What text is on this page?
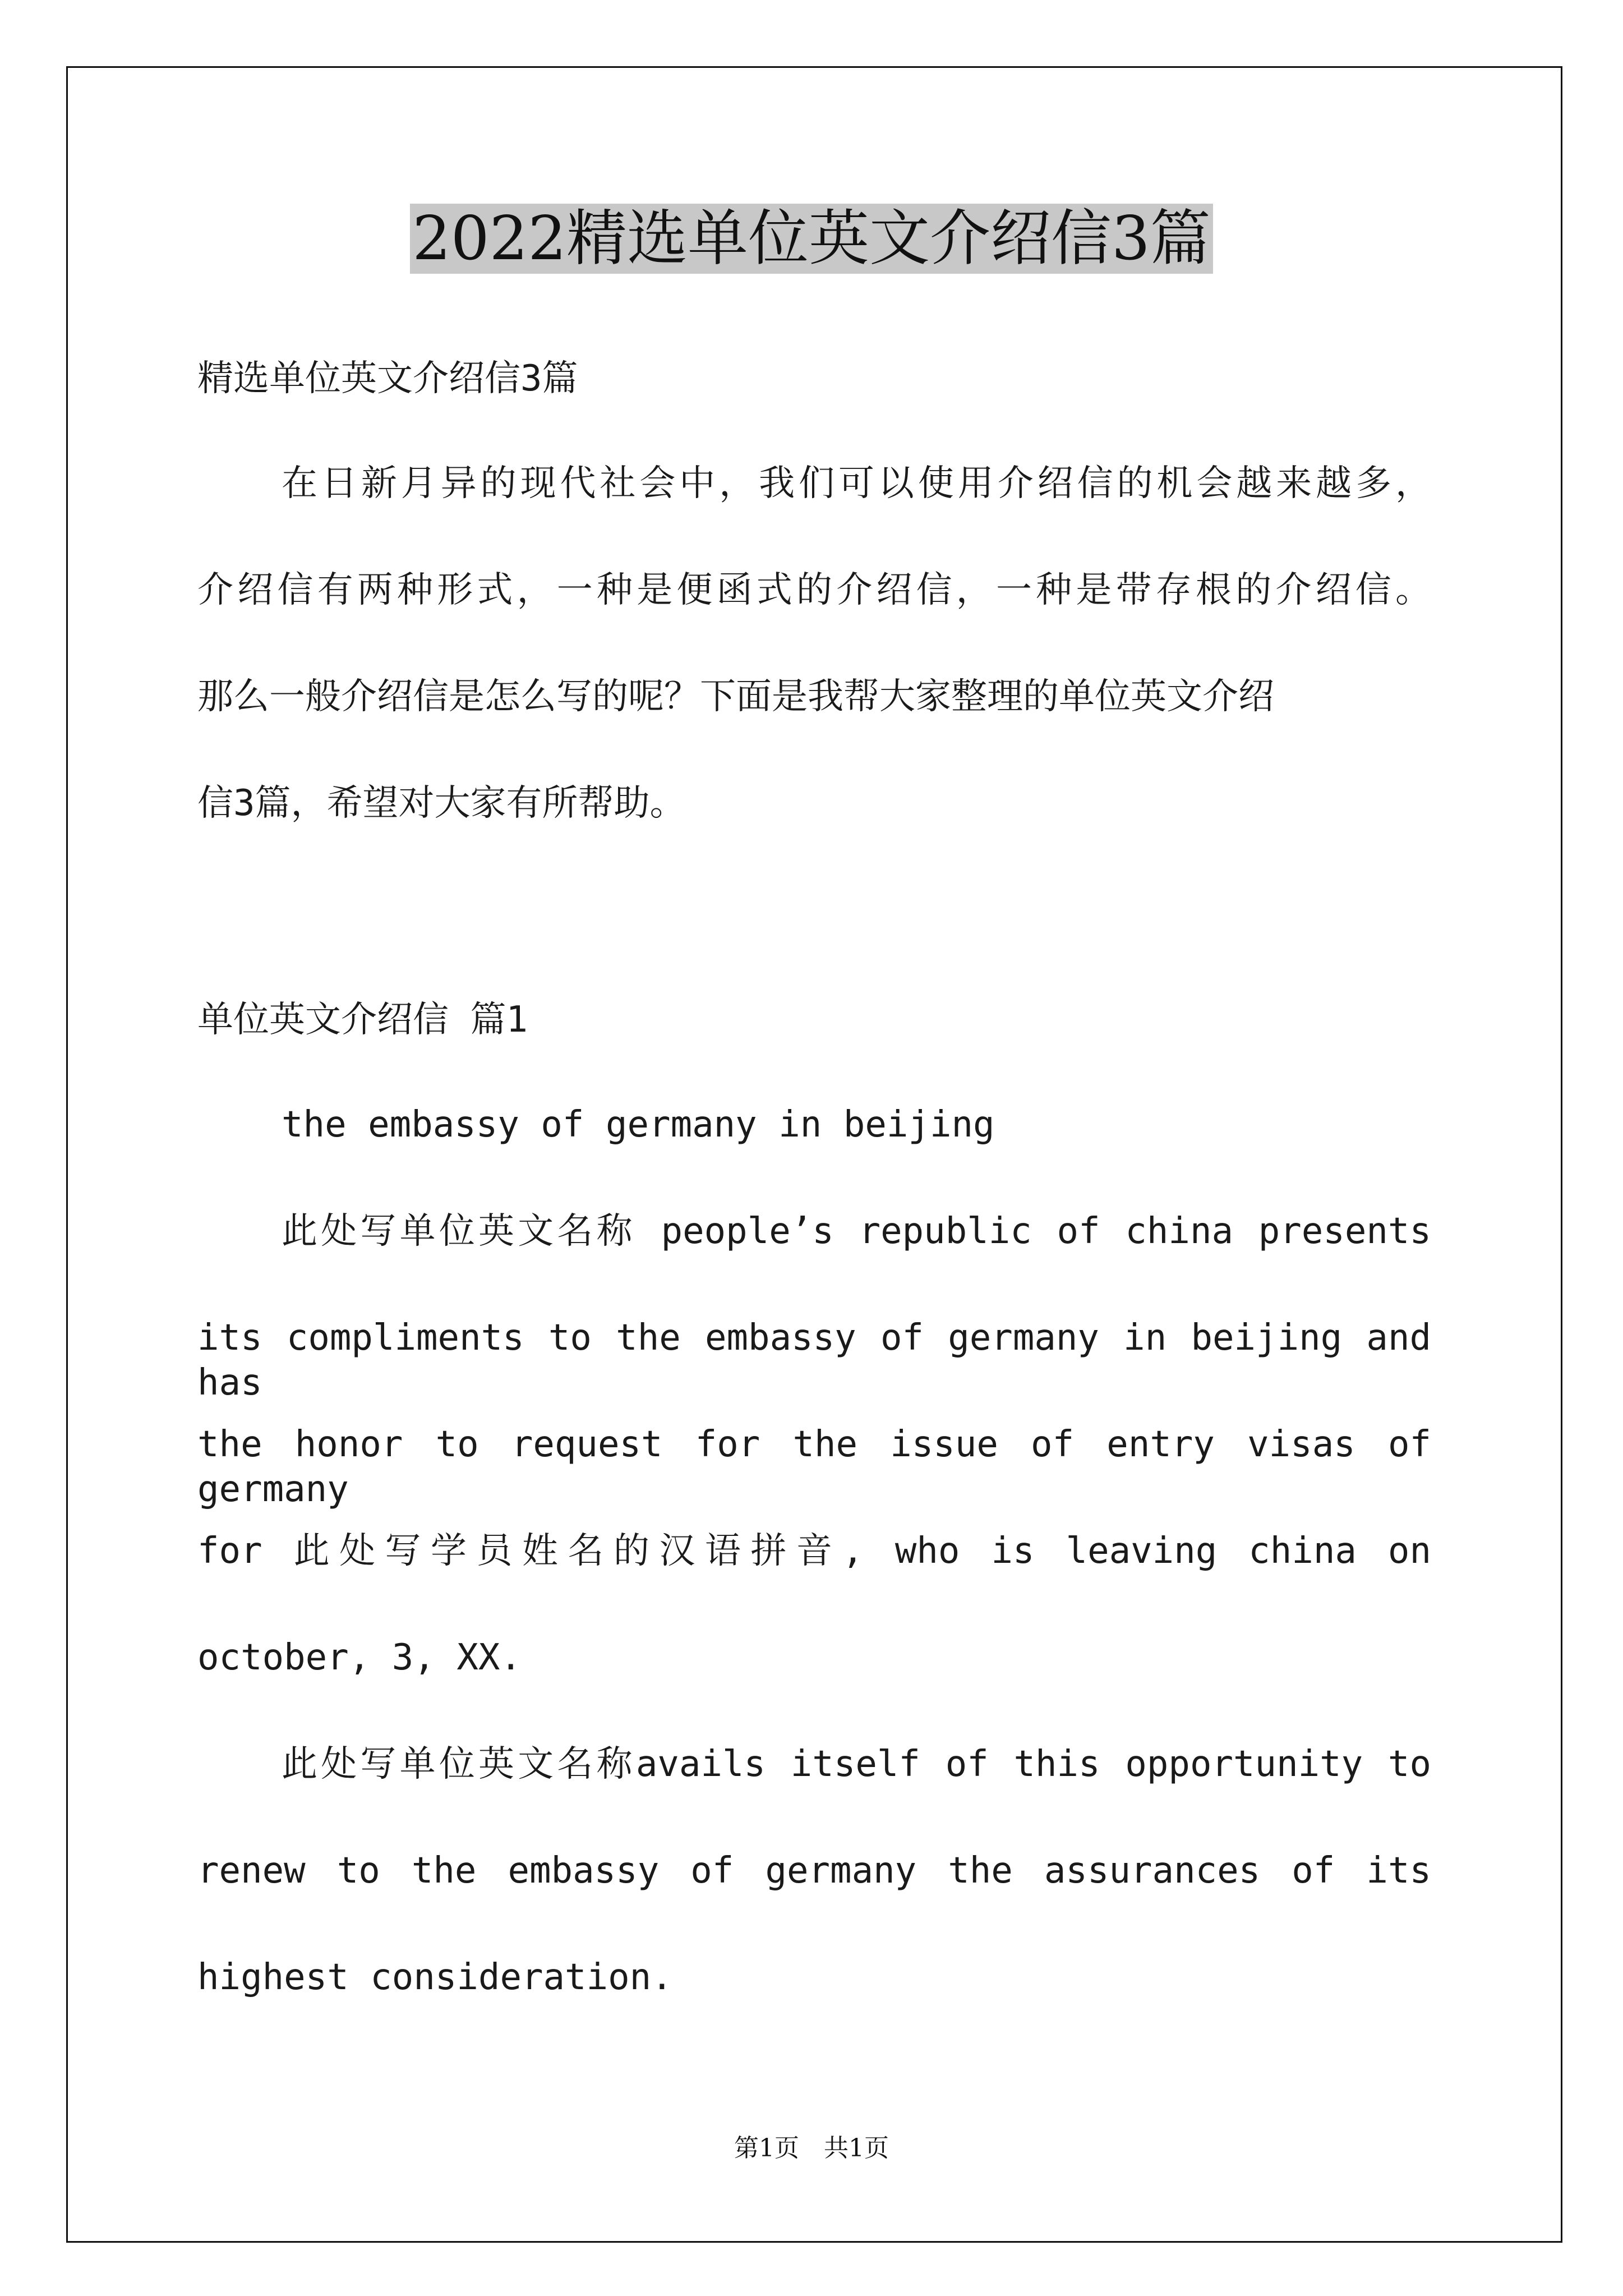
2022精选单位英文介绍信3篇
精选单位英文介绍信3篇
在日新月异的现代社会中，我们可以使用介绍信的机会越来越多，
介绍信有两种形式，一种是便函式的介绍信，一种是带存根的介绍信。
那么一般介绍信是怎么写的呢？下面是我帮大家整理的单位英文介绍
信3篇，希望对大家有所帮助。
单位英文介绍信 篇1
the embassy of germany in beijing
此处写单位英文名称 people’s republic of china presents
its compliments to the embassy of germany in beijing and has
the honor to request for the issue of entry visas of germany
for 此处写学员姓名的汉语拼音, who is leaving china on
october, 3, XX.
此处写单位英文名称avails itself of this opportunity to
renew to the embassy of germany the assurances of its
highest consideration.
第1页　共1页
